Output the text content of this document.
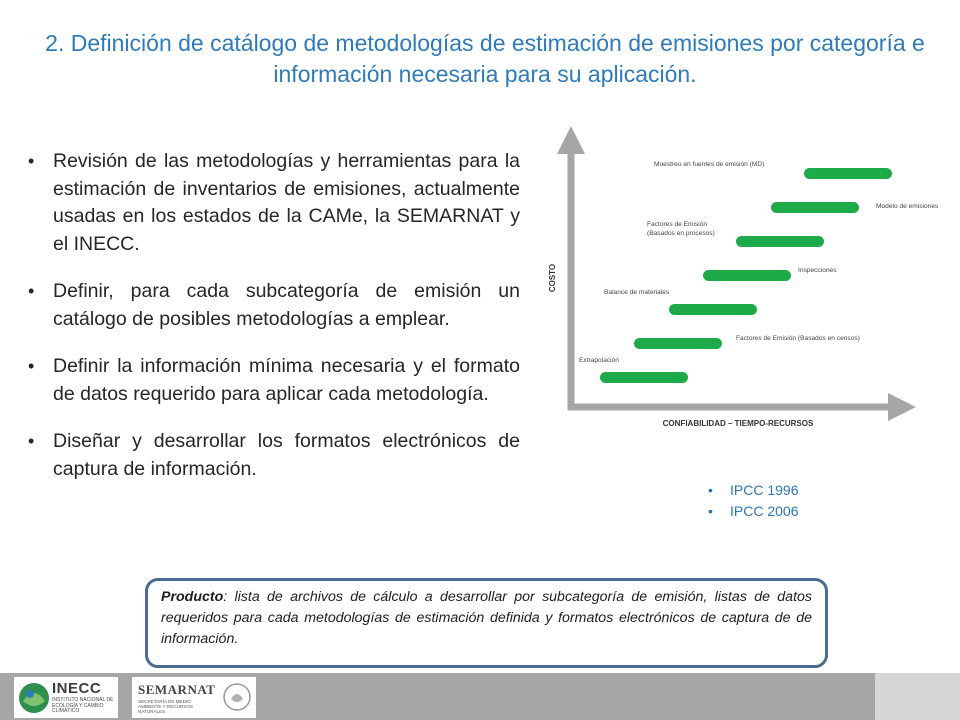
2. Definición de catálogo de metodologías de estimación de emisiones por categoría e información necesaria para su aplicación.
• Revisión de las metodologías y herramientas para la estimación de inventarios de emisiones, actualmente usadas en los estados de la CAMe, la SEMARNAT y el INECC.
• Definir, para cada subcategoría de emisión un catálogo de posibles metodologías a emplear.
• Definir la información mínima necesaria y el formato de datos requerido para aplicar cada metodología.
• Diseñar y desarrollar los formatos electrónicos de captura de información.
COSTO
CONFIABILIDAD – TIEMPO-RECURSOS
Muestreo en fuentes de emisión (MD)
Modelo de emisiones
Factores de Emisión
(Basados en procesos)
Inspecciones
Balance de materiales
Factores de Emisión (Basados en censos)
Extrapolación
• IPCC 1996
• IPCC 2006
Producto: lista de archivos de cálculo a desarrollar por subcategoría de emisión, listas de datos requeridos para cada metodologías de estimación definida y formatos electrónicos de captura de de información.
INECC
INSTITUTO NACIONAL DE ECOLOGÍA Y CAMBIO CLIMÁTICO
SEMARNAT
SECRETARÍA DE MEDIO AMBIENTE Y RECURSOS NATURALES
